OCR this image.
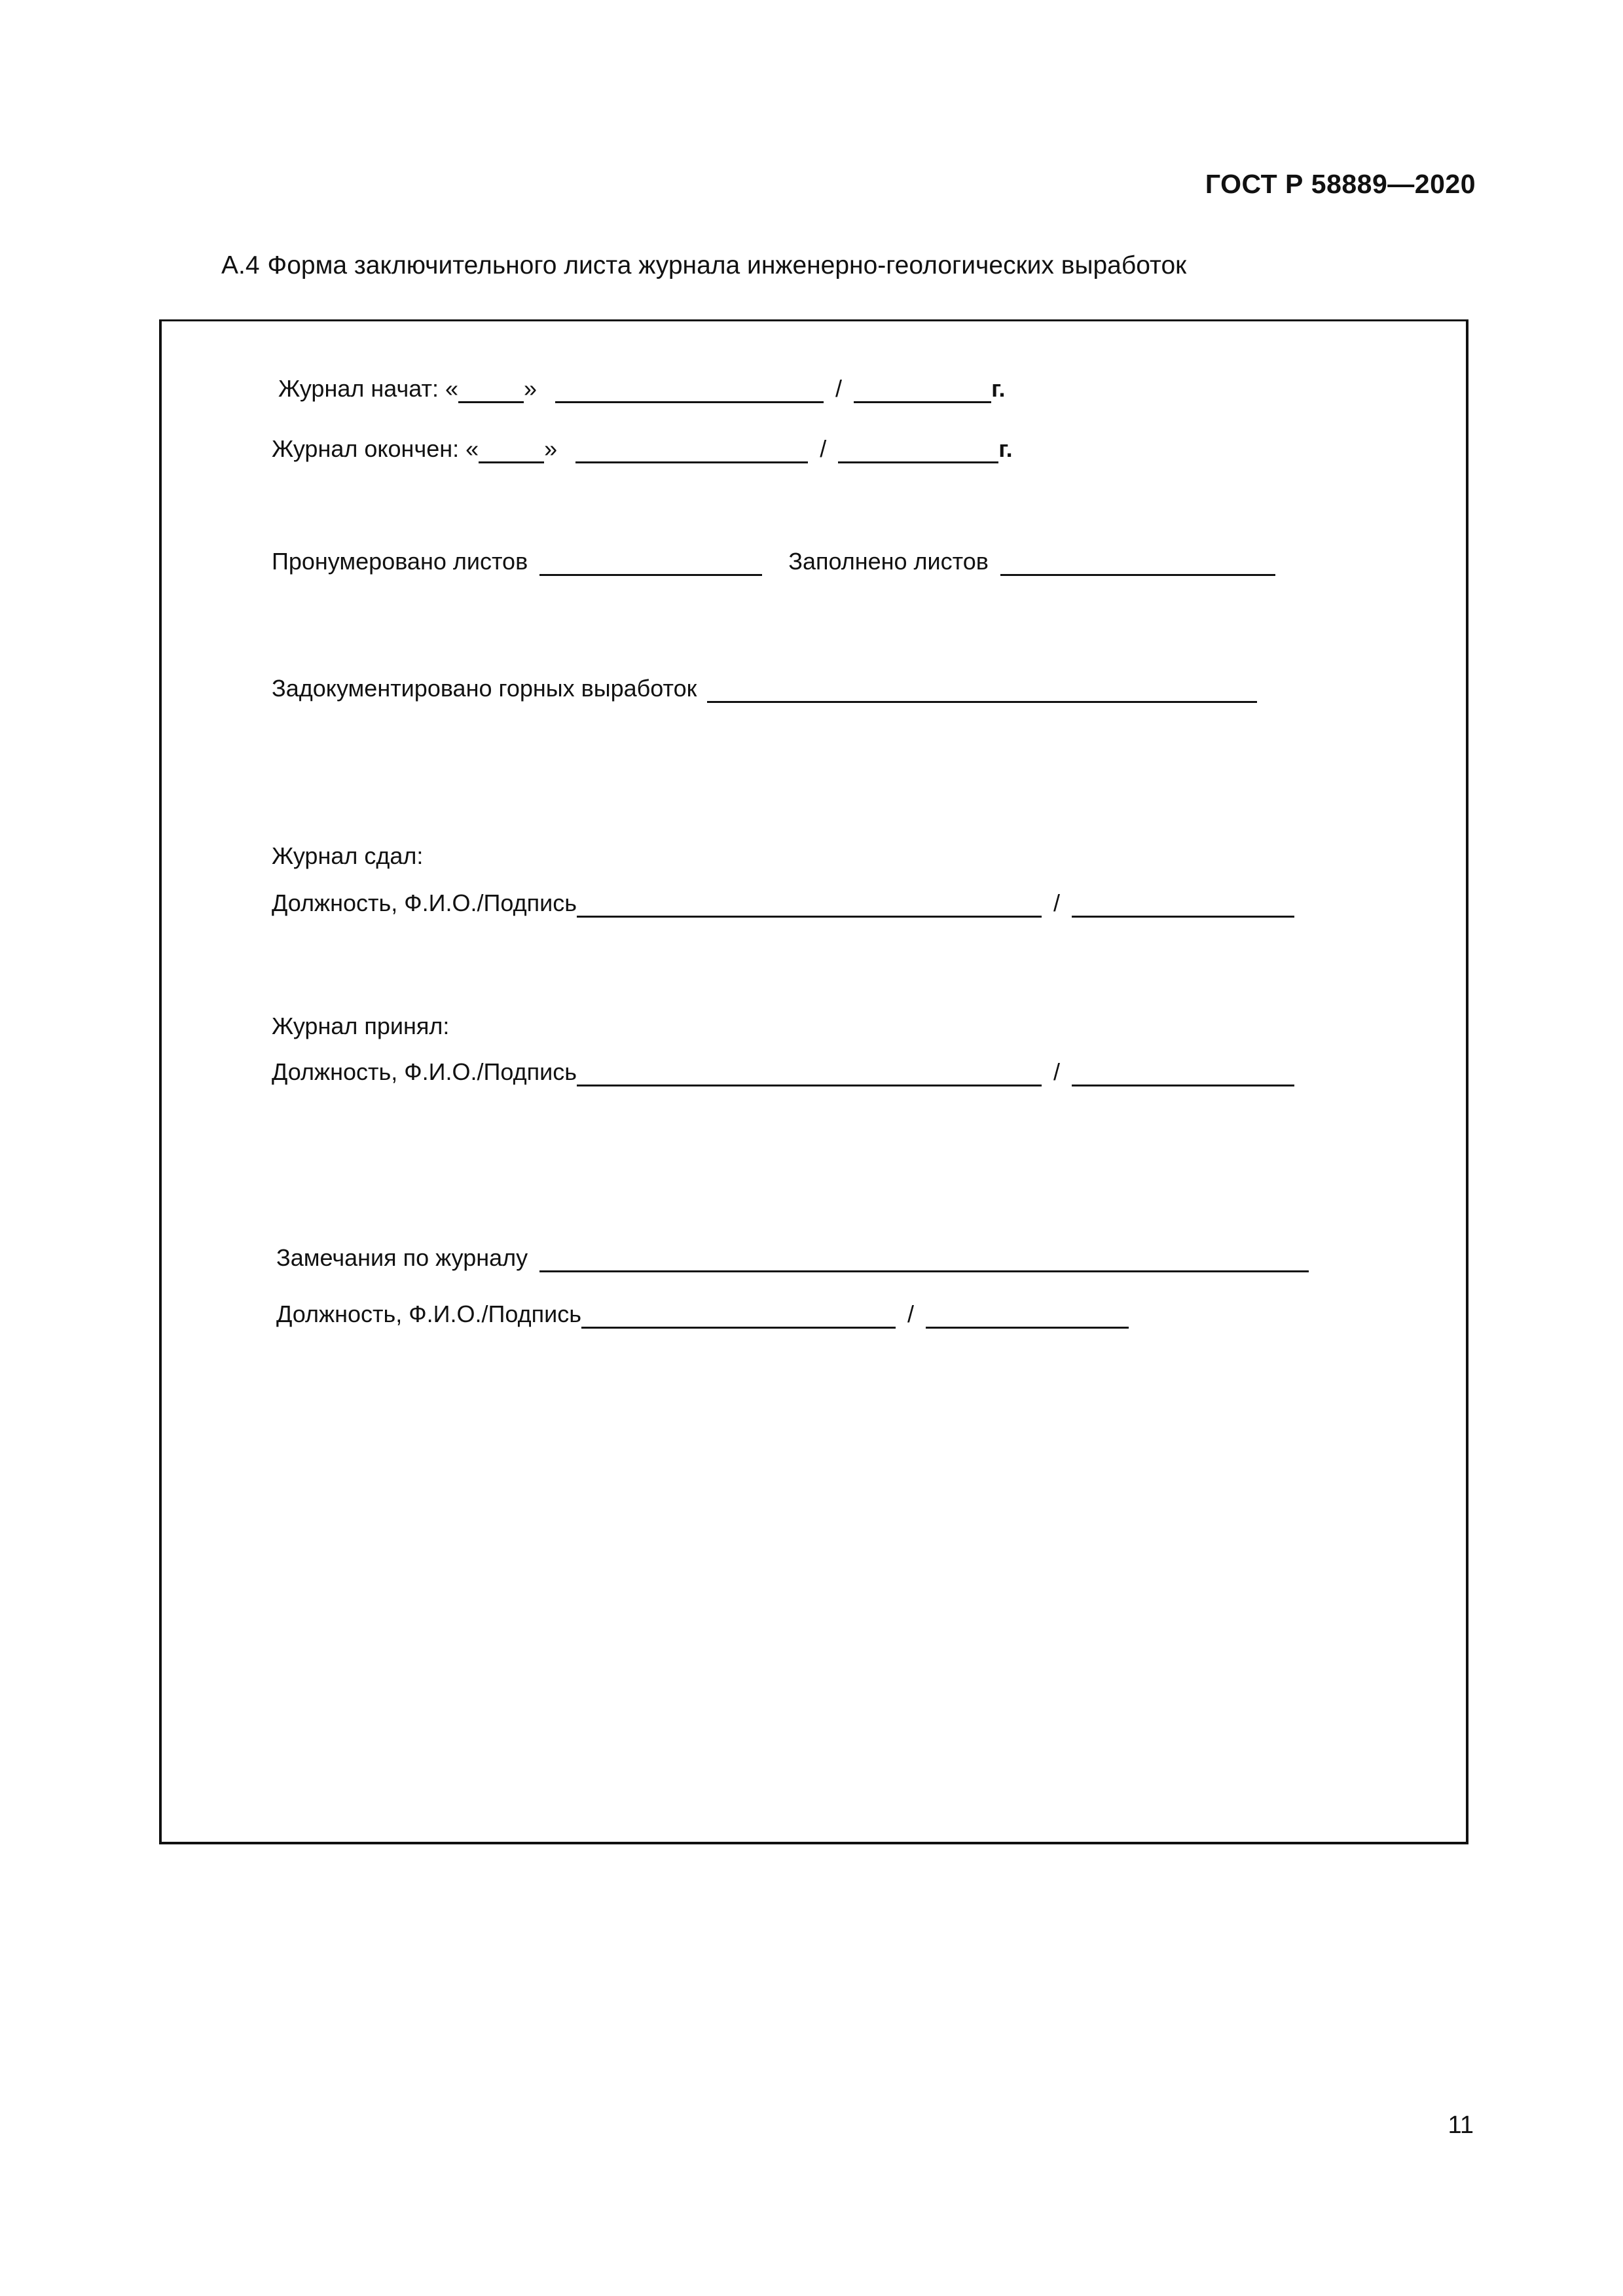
ГОСТ Р 58889—2020
А.4 Форма заключительного листа журнала инженерно-геологических выработок
Журнал начат: «	»	/	г.
Журнал окончен: «	»	/	г.
Пронумеровано листов	Заполнено листов
Задокументировано горных выработок
Журнал сдал:
Должность, Ф.И.О./Подпись	/
Журнал принял:
Должность, Ф.И.О./Подпись	/
Замечания по журналу
Должность, Ф.И.О./Подпись	/
11
